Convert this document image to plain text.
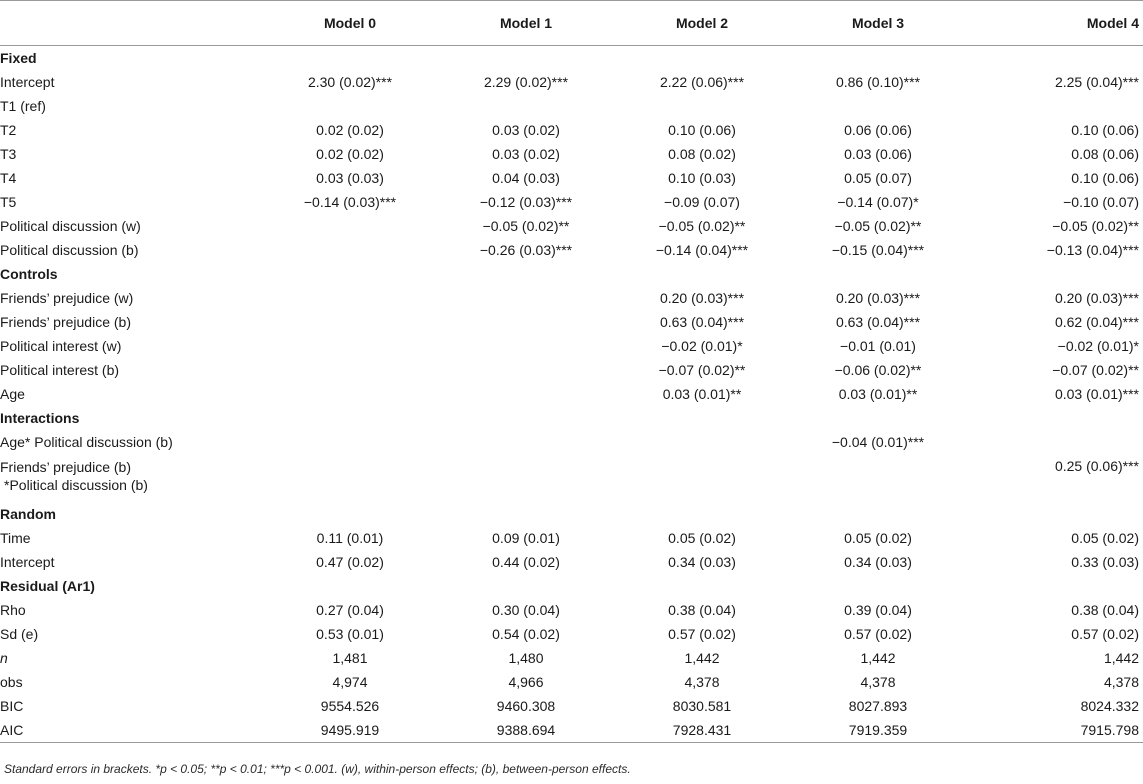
	Model 0	Model 1	Model 2	Model 3	Model 4
Fixed					
Intercept	2.30 (0.02)***	2.29 (0.02)***	2.22 (0.06)***	0.86 (0.10)***	2.25 (0.04)***
T1 (ref)					
T2	0.02 (0.02)	0.03 (0.02)	0.10 (0.06)	0.06 (0.06)	0.10 (0.06)
T3	0.02 (0.02)	0.03 (0.02)	0.08 (0.02)	0.03 (0.06)	0.08 (0.06)
T4	0.03 (0.03)	0.04 (0.03)	0.10 (0.03)	0.05 (0.07)	0.10 (0.06)
T5	−0.14 (0.03)***	−0.12 (0.03)***	−0.09 (0.07)	−0.14 (0.07)*	−0.10 (0.07)
Political discussion (w)		−0.05 (0.02)**	−0.05 (0.02)**	−0.05 (0.02)**	−0.05 (0.02)**
Political discussion (b)		−0.26 (0.03)***	−0.14 (0.04)***	−0.15 (0.04)***	−0.13 (0.04)***
Controls					
Friends’ prejudice (w)			0.20 (0.03)***	0.20 (0.03)***	0.20 (0.03)***
Friends’ prejudice (b)			0.63 (0.04)***	0.63 (0.04)***	0.62 (0.04)***
Political interest (w)			−0.02 (0.01)*	−0.01 (0.01)	−0.02 (0.01)*
Political interest (b)			−0.07 (0.02)**	−0.06 (0.02)**	−0.07 (0.02)**
Age			0.03 (0.01)**	0.03 (0.01)**	0.03 (0.01)***
Interactions					
Age* Political discussion (b)				−0.04 (0.01)***	
Friends’ prejudice (b)
*Political discussion (b)					0.25 (0.06)***
Random					
Time	0.11 (0.01)	0.09 (0.01)	0.05 (0.02)	0.05 (0.02)	0.05 (0.02)
Intercept	0.47 (0.02)	0.44 (0.02)	0.34 (0.03)	0.34 (0.03)	0.33 (0.03)
Residual (Ar1)					
Rho	0.27 (0.04)	0.30 (0.04)	0.38 (0.04)	0.39 (0.04)	0.38 (0.04)
Sd (e)	0.53 (0.01)	0.54 (0.02)	0.57 (0.02)	0.57 (0.02)	0.57 (0.02)
n	1,481	1,480	1,442	1,442	1,442
obs	4,974	4,966	4,378	4,378	4,378
BIC	9554.526	9460.308	8030.581	8027.893	8024.332
AIC	9495.919	9388.694	7928.431	7919.359	7915.798
Standard errors in brackets. *p < 0.05; **p < 0.01; ***p < 0.001. (w), within-person effects; (b), between-person effects.
